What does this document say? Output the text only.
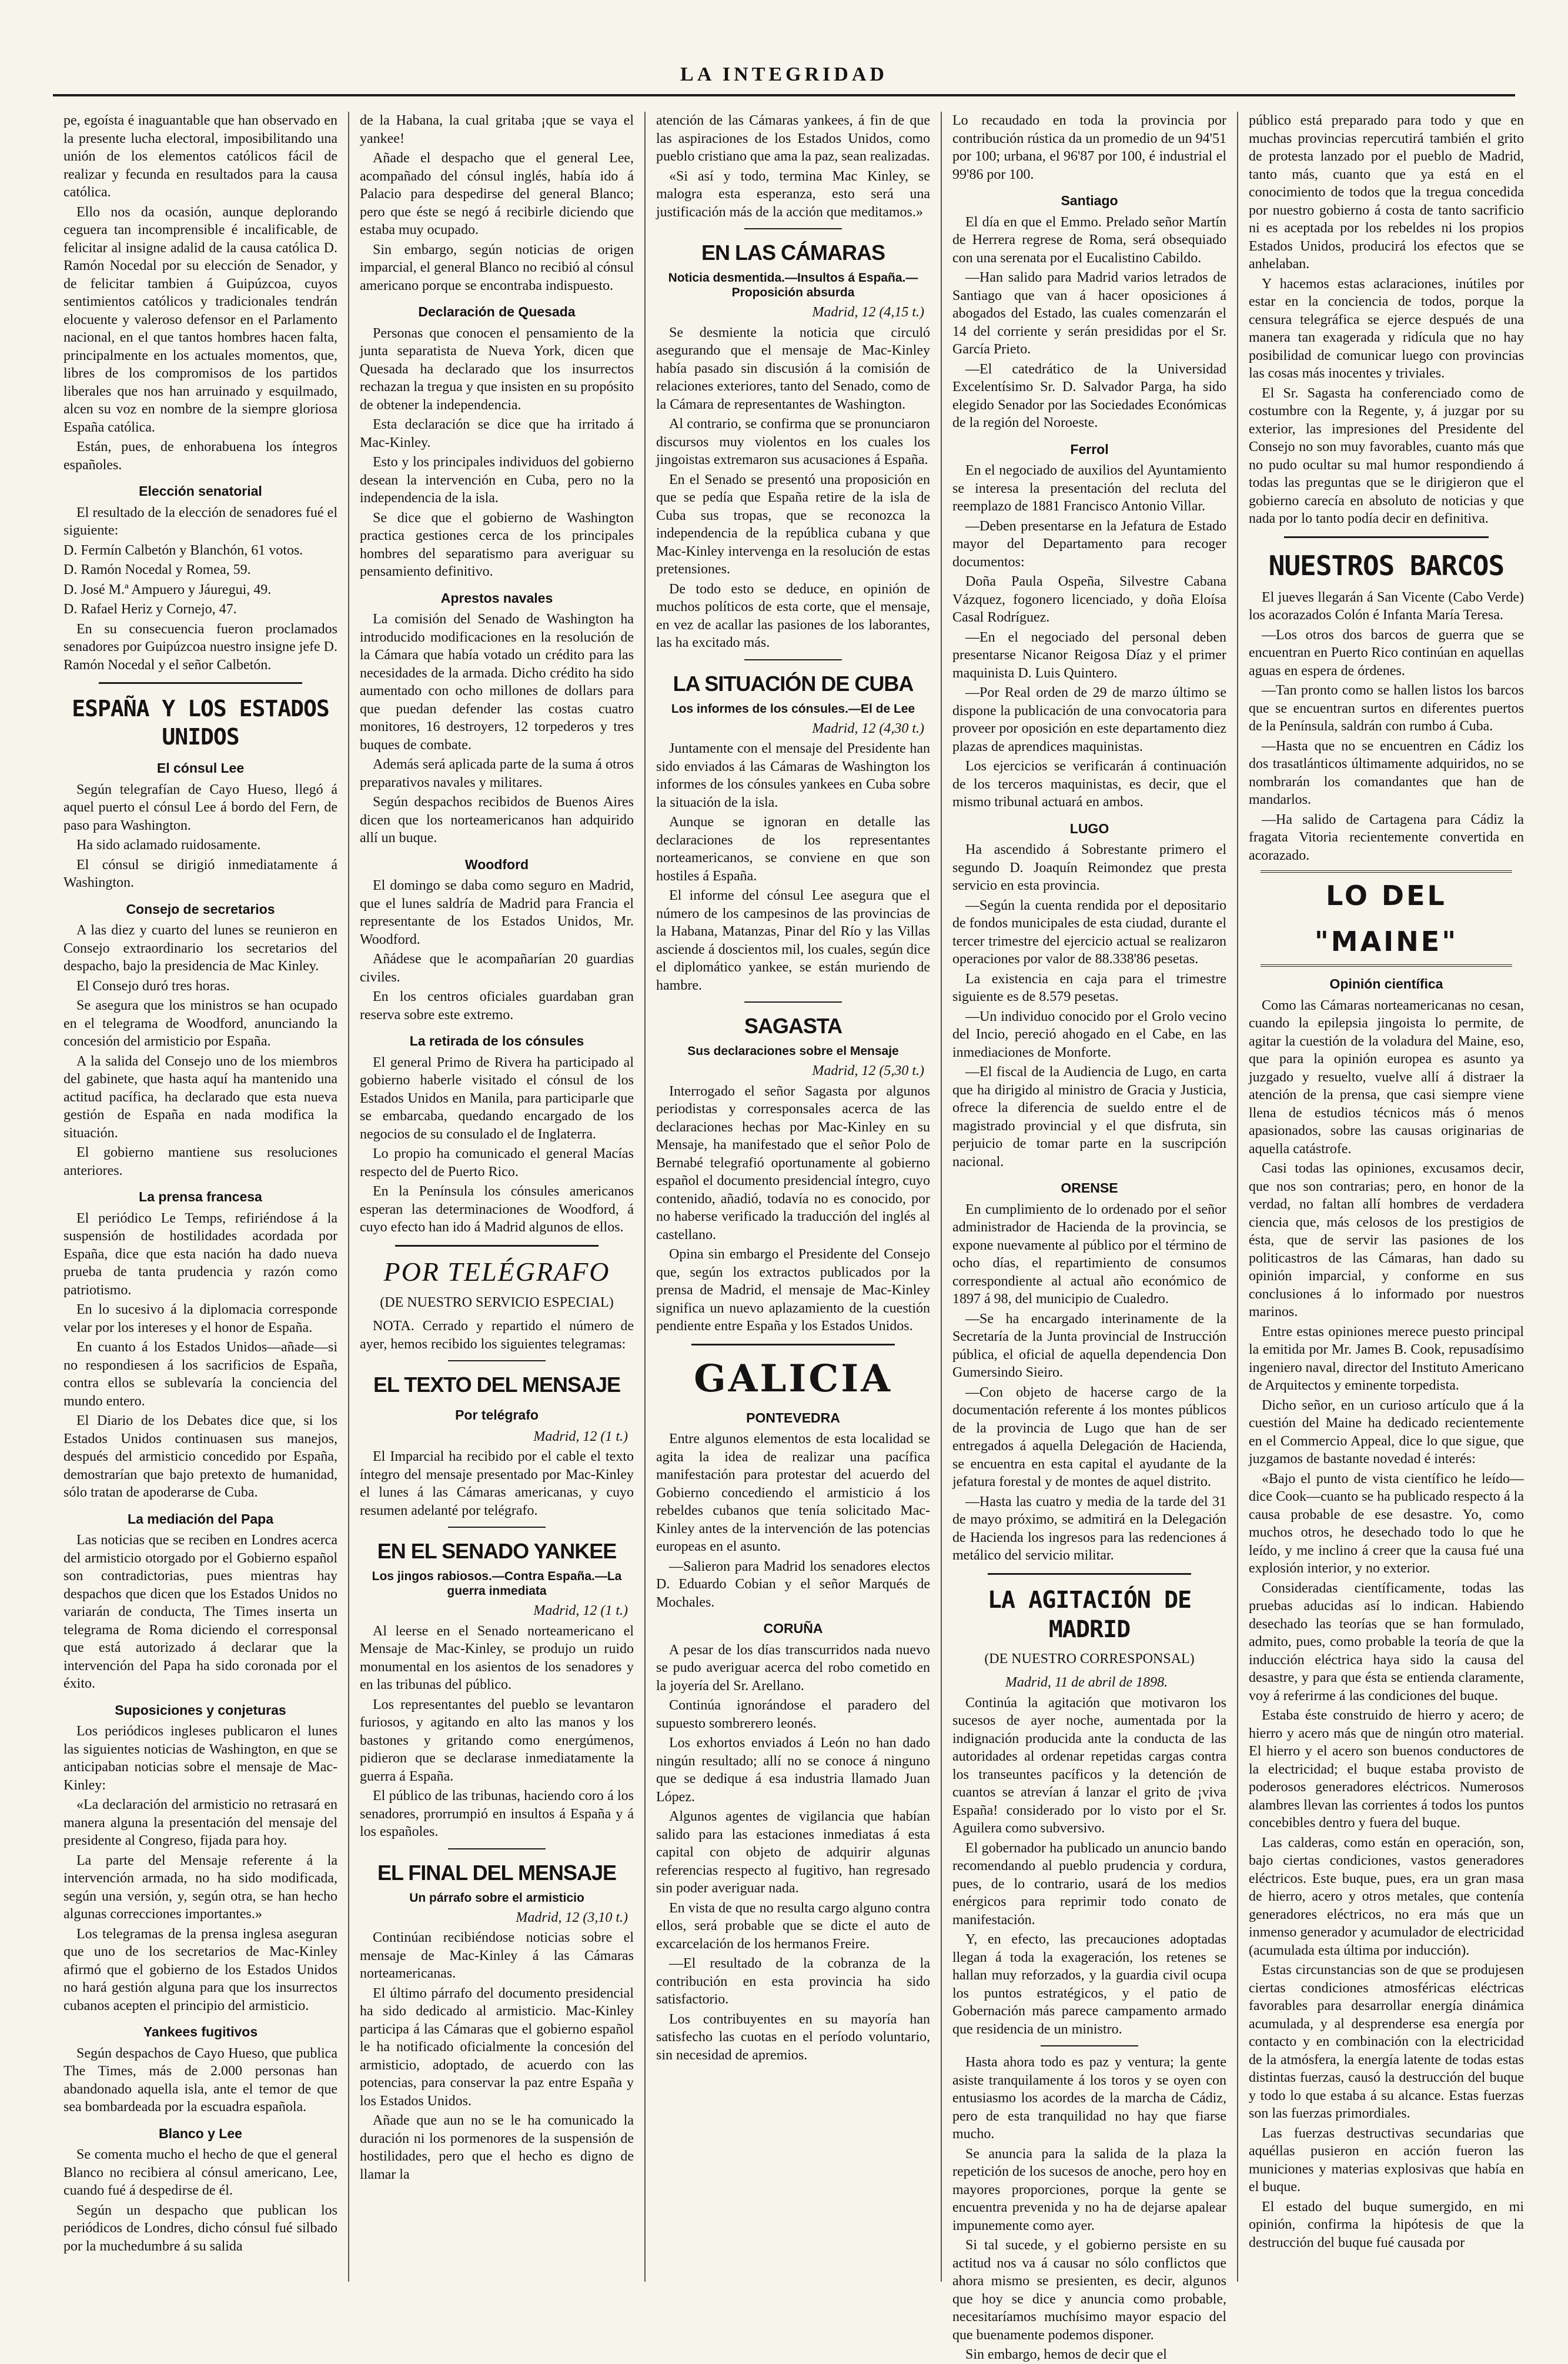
LA INTEGRIDAD

pe, egoísta é inaguantable que han observado en la presente lucha electoral, imposibilitando una unión de los elementos católicos fácil de realizar y fecunda en resultados para la causa católica.

Ello nos da ocasión, aunque deplorando ceguera tan incomprensible é incalificable, de felicitar al insigne adalid de la causa católica D. Ramón Nocedal por su elección de Senador, y de felicitar tambien á Guipúzcoa, cuyos sentimientos católicos y tradicionales tendrán elocuente y valeroso defensor en el Parlamento nacional, en el que tantos hombres hacen falta, principalmente en los actuales momentos, que, libres de los compromisos de los partidos liberales que nos han arruinado y esquilmado, alcen su voz en nombre de la siempre gloriosa España católica.

Están, pues, de enhorabuena los íntegros españoles.

Elección senatorial

El resultado de la elección de senadores fué el siguiente:

D. Fermín Calbetón y Blanchón, 61 votos.

D. Ramón Nocedal y Romea, 59.

D. José M.ª Ampuero y Jáuregui, 49.

D. Rafael Heriz y Cornejo, 47.

En su consecuencia fueron proclamados senadores por Guipúzcoa nuestro insigne jefe D. Ramón Nocedal y el señor Calbetón.

ESPAÑA Y LOS ESTADOS UNIDOS
El cónsul Lee

Según telegrafían de Cayo Hueso, llegó á aquel puerto el cónsul Lee á bordo del Fern, de paso para Washington.

Ha sido aclamado ruidosamente.

El cónsul se dirigió inmediatamente á Washington.

Consejo de secretarios

A las diez y cuarto del lunes se reunieron en Consejo extraordinario los secretarios del despacho, bajo la presidencia de Mac Kinley.

El Consejo duró tres horas.

Se asegura que los ministros se han ocupado en el telegrama de Woodford, anunciando la concesión del armisticio por España.

A la salida del Consejo uno de los miembros del gabinete, que hasta aquí ha mantenido una actitud pacífica, ha declarado que esta nueva gestión de España en nada modifica la situación.

El gobierno mantiene sus resoluciones anteriores.

La prensa francesa

El periódico Le Temps, refiriéndose á la suspensión de hostilidades acordada por España, dice que esta nación ha dado nueva prueba de tanta prudencia y razón como patriotismo.

En lo sucesivo á la diplomacia corresponde velar por los intereses y el honor de España.

En cuanto á los Estados Unidos—añade—si no respondiesen á los sacrificios de España, contra ellos se sublevaría la conciencia del mundo entero.

El Diario de los Debates dice que, si los Estados Unidos continuasen sus manejos, después del armisticio concedido por España, demostrarían que bajo pretexto de humanidad, sólo tratan de apoderarse de Cuba.

La mediación del Papa

Las noticias que se reciben en Londres acerca del armisticio otorgado por el Gobierno español son contradictorias, pues mientras hay despachos que dicen que los Estados Unidos no variarán de conducta, The Times inserta un telegrama de Roma diciendo el corresponsal que está autorizado á declarar que la intervención del Papa ha sido coronada por el éxito.

Suposiciones y conjeturas

Los periódicos ingleses publicaron el lunes las siguientes noticias de Washington, en que se anticipaban noticias sobre el mensaje de Mac-Kinley:

«La declaración del armisticio no retrasará en manera alguna la presentación del mensaje del presidente al Congreso, fijada para hoy.

La parte del Mensaje referente á la intervención armada, no ha sido modificada, según una versión, y, según otra, se han hecho algunas correcciones importantes.»

Los telegramas de la prensa inglesa aseguran que uno de los secretarios de Mac-Kinley afirmó que el gobierno de los Estados Unidos no hará gestión alguna para que los insurrectos cubanos acepten el principio del armisticio.

Yankees fugitivos

Según despachos de Cayo Hueso, que publica The Times, más de 2.000 personas han abandonado aquella isla, ante el temor de que sea bombardeada por la escuadra española.

Blanco y Lee

Se comenta mucho el hecho de que el general Blanco no recibiera al cónsul americano, Lee, cuando fué á despedirse de él.

Según un despacho que publican los periódicos de Londres, dicho cónsul fué silbado por la muchedumbre á su salida

de la Habana, la cual gritaba ¡que se vaya el yankee!

Añade el despacho que el general Lee, acompañado del cónsul inglés, había ido á Palacio para despedirse del general Blanco; pero que éste se negó á recibirle diciendo que estaba muy ocupado.

Sin embargo, según noticias de origen imparcial, el general Blanco no recibió al cónsul americano porque se encontraba indispuesto.

Declaración de Quesada

Personas que conocen el pensamiento de la junta separatista de Nueva York, dicen que Quesada ha declarado que los insurrectos rechazan la tregua y que insisten en su propósito de obtener la independencia.

Esta declaración se dice que ha irritado á Mac-Kinley.

Esto y los principales individuos del gobierno desean la intervención en Cuba, pero no la independencia de la isla.

Se dice que el gobierno de Washington practica gestiones cerca de los principales hombres del separatismo para averiguar su pensamiento definitivo.

Aprestos navales

La comisión del Senado de Washington ha introducido modificaciones en la resolución de la Cámara que había votado un crédito para las necesidades de la armada. Dicho crédito ha sido aumentado con ocho millones de dollars para que puedan defender las costas cuatro monitores, 16 destroyers, 12 torpederos y tres buques de combate.

Además será aplicada parte de la suma á otros preparativos navales y militares.

Según despachos recibidos de Buenos Aires dicen que los norteamericanos han adquirido allí un buque.

Woodford

El domingo se daba como seguro en Madrid, que el lunes saldría de Madrid para Francia el representante de los Estados Unidos, Mr. Woodford.

Añádese que le acompañarían 20 guardias civiles.

En los centros oficiales guardaban gran reserva sobre este extremo.

La retirada de los cónsules

El general Primo de Rivera ha participado al gobierno haberle visitado el cónsul de los Estados Unidos en Manila, para participarle que se embarcaba, quedando encargado de los negocios de su consulado el de Inglaterra.

Lo propio ha comunicado el general Macías respecto del de Puerto Rico.

En la Península los cónsules americanos esperan las determinaciones de Woodford, á cuyo efecto han ido á Madrid algunos de ellos.

POR TELÉGRAFO
(DE NUESTRO SERVICIO ESPECIAL)

NOTA. Cerrado y repartido el número de ayer, hemos recibido los siguientes telegramas:

EL TEXTO DEL MENSAJE
Por telégrafo
Madrid, 12 (1 t.)

El Imparcial ha recibido por el cable el texto íntegro del mensaje presentado por Mac-Kinley el lunes á las Cámaras americanas, y cuyo resumen adelanté por telégrafo.

EN EL SENADO YANKEE
Los jingos rabiosos.—Contra España.—La guerra inmediata
Madrid, 12 (1 t.)

Al leerse en el Senado norteamericano el Mensaje de Mac-Kinley, se produjo un ruido monumental en los asientos de los senadores y en las tribunas del público.

Los representantes del pueblo se levantaron furiosos, y agitando en alto las manos y los bastones y gritando como energúmenos, pidieron que se declarase inmediatamente la guerra á España.

El público de las tribunas, haciendo coro á los senadores, prorrumpió en insultos á España y á los españoles.

EL FINAL DEL MENSAJE
Un párrafo sobre el armisticio
Madrid, 12 (3,10 t.)

Continúan recibiéndose noticias sobre el mensaje de Mac-Kinley á las Cámaras norteamericanas.

El último párrafo del documento presidencial ha sido dedicado al armisticio. Mac-Kinley participa á las Cámaras que el gobierno español le ha notificado oficialmente la concesión del armisticio, adoptado, de acuerdo con las potencias, para conservar la paz entre España y los Estados Unidos.

Añade que aun no se le ha comunicado la duración ni los pormenores de la suspensión de hostilidades, pero que el hecho es digno de llamar la

atención de las Cámaras yankees, á fin de que las aspiraciones de los Estados Unidos, como pueblo cristiano que ama la paz, sean realizadas.

«Si así y todo, termina Mac Kinley, se malogra esta esperanza, esto será una justificación más de la acción que meditamos.»

EN LAS CÁMARAS
Noticia desmentida.—Insultos á España.—Proposición absurda
Madrid, 12 (4,15 t.)

Se desmiente la noticia que circuló asegurando que el mensaje de Mac-Kinley había pasado sin discusión á la comisión de relaciones exteriores, tanto del Senado, como de la Cámara de representantes de Washington.

Al contrario, se confirma que se pronunciaron discursos muy violentos en los cuales los jingoistas extremaron sus acusaciones á España.

En el Senado se presentó una proposición en que se pedía que España retire de la isla de Cuba sus tropas, que se reconozca la independencia de la república cubana y que Mac-Kinley intervenga en la resolución de estas pretensiones.

De todo esto se deduce, en opinión de muchos políticos de esta corte, que el mensaje, en vez de acallar las pasiones de los laborantes, las ha excitado más.

LA SITUACIÓN DE CUBA
Los informes de los cónsules.—El de Lee
Madrid, 12 (4,30 t.)

Juntamente con el mensaje del Presidente han sido enviados á las Cámaras de Washington los informes de los cónsules yankees en Cuba sobre la situación de la isla.

Aunque se ignoran en detalle las declaraciones de los representantes norteamericanos, se conviene en que son hostiles á España.

El informe del cónsul Lee asegura que el número de los campesinos de las provincias de la Habana, Matanzas, Pinar del Río y las Villas asciende á doscientos mil, los cuales, según dice el diplomático yankee, se están muriendo de hambre.

SAGASTA
Sus declaraciones sobre el Mensaje
Madrid, 12 (5,30 t.)

Interrogado el señor Sagasta por algunos periodistas y corresponsales acerca de las declaraciones hechas por Mac-Kinley en su Mensaje, ha manifestado que el señor Polo de Bernabé telegrafió oportunamente al gobierno español el documento presidencial íntegro, cuyo contenido, añadió, todavía no es conocido, por no haberse verificado la traducción del inglés al castellano.

Opina sin embargo el Presidente del Consejo que, según los extractos publicados por la prensa de Madrid, el mensaje de Mac-Kinley significa un nuevo aplazamiento de la cuestión pendiente entre España y los Estados Unidos.

GALICIA
PONTEVEDRA

Entre algunos elementos de esta localidad se agita la idea de realizar una pacífica manifestación para protestar del acuerdo del Gobierno concediendo el armisticio á los rebeldes cubanos que tenía solicitado Mac-Kinley antes de la intervención de las potencias europeas en el asunto.

—Salieron para Madrid los senadores electos D. Eduardo Cobian y el señor Marqués de Mochales.

CORUÑA

A pesar de los días transcurridos nada nuevo se pudo averiguar acerca del robo cometido en la joyería del Sr. Arellano.

Continúa ignorándose el paradero del supuesto sombrerero leonés.

Los exhortos enviados á León no han dado ningún resultado; allí no se conoce á ninguno que se dedique á esa industria llamado Juan López.

Algunos agentes de vigilancia que habían salido para las estaciones inmediatas á esta capital con objeto de adquirir algunas referencias respecto al fugitivo, han regresado sin poder averiguar nada.

En vista de que no resulta cargo alguno contra ellos, será probable que se dicte el auto de excarcelación de los hermanos Freire.

—El resultado de la cobranza de la contribución en esta provincia ha sido satisfactorio.

Los contribuyentes en su mayoría han satisfecho las cuotas en el período voluntario, sin necesidad de apremios.

Lo recaudado en toda la provincia por contribución rústica da un promedio de un 94'51 por 100; urbana, el 96'87 por 100, é industrial el 99'86 por 100.

Santiago

El día en que el Emmo. Prelado señor Martín de Herrera regrese de Roma, será obsequiado con una serenata por el Eucalistino Cabildo.

—Han salido para Madrid varios letrados de Santiago que van á hacer oposiciones á abogados del Estado, las cuales comenzarán el 14 del corriente y serán presididas por el Sr. García Prieto.

—El catedrático de la Universidad Excelentísimo Sr. D. Salvador Parga, ha sido elegido Senador por las Sociedades Económicas de la región del Noroeste.

Ferrol

En el negociado de auxilios del Ayuntamiento se interesa la presentación del recluta del reemplazo de 1881 Francisco Antonio Villar.

—Deben presentarse en la Jefatura de Estado mayor del Departamento para recoger documentos:

Doña Paula Ospeña, Silvestre Cabana Vázquez, fogonero licenciado, y doña Eloísa Casal Rodríguez.

—En el negociado del personal deben presentarse Nicanor Reigosa Díaz y el primer maquinista D. Luis Quintero.

—Por Real orden de 29 de marzo último se dispone la publicación de una convocatoria para proveer por oposición en este departamento diez plazas de aprendices maquinistas.

Los ejercicios se verificarán á continuación de los terceros maquinistas, es decir, que el mismo tribunal actuará en ambos.

LUGO

Ha ascendido á Sobrestante primero el segundo D. Joaquín Reimondez que presta servicio en esta provincia.

—Según la cuenta rendida por el depositario de fondos municipales de esta ciudad, durante el tercer trimestre del ejercicio actual se realizaron operaciones por valor de 88.338'86 pesetas.

La existencia en caja para el trimestre siguiente es de 8.579 pesetas.

—Un individuo conocido por el Grolo vecino del Incio, pereció ahogado en el Cabe, en las inmediaciones de Monforte.

—El fiscal de la Audiencia de Lugo, en carta que ha dirigido al ministro de Gracia y Justicia, ofrece la diferencia de sueldo entre el de magistrado provincial y el que disfruta, sin perjuicio de tomar parte en la suscripción nacional.

ORENSE

En cumplimiento de lo ordenado por el señor administrador de Hacienda de la provincia, se expone nuevamente al público por el término de ocho días, el repartimiento de consumos correspondiente al actual año económico de 1897 á 98, del municipio de Cualedro.

—Se ha encargado interinamente de la Secretaría de la Junta provincial de Instrucción pública, el oficial de aquella dependencia Don Gumersindo Sieiro.

—Con objeto de hacerse cargo de la documentación referente á los montes públicos de la provincia de Lugo que han de ser entregados á aquella Delegación de Hacienda, se encuentra en esta capital el ayudante de la jefatura forestal y de montes de aquel distrito.

—Hasta las cuatro y media de la tarde del 31 de mayo próximo, se admitirá en la Delegación de Hacienda los ingresos para las redenciones á metálico del servicio militar.

LA AGITACIÓN DE MADRID
(DE NUESTRO CORRESPONSAL)
Madrid, 11 de abril de 1898.

Continúa la agitación que motivaron los sucesos de ayer noche, aumentada por la indignación producida ante la conducta de las autoridades al ordenar repetidas cargas contra los transeuntes pacíficos y la detención de cuantos se atrevían á lanzar el grito de ¡viva España! considerado por lo visto por el Sr. Aguilera como subversivo.

El gobernador ha publicado un anuncio bando recomendando al pueblo prudencia y cordura, pues, de lo contrario, usará de los medios enérgicos para reprimir todo conato de manifestación.

Y, en efecto, las precauciones adoptadas llegan á toda la exageración, los retenes se hallan muy reforzados, y la guardia civil ocupa los puntos estratégicos, y el patio de Gobernación más parece campamento armado que residencia de un ministro.

Hasta ahora todo es paz y ventura; la gente asiste tranquilamente á los toros y se oyen con entusiasmo los acordes de la marcha de Cádiz, pero de esta tranquilidad no hay que fiarse mucho.

Se anuncia para la salida de la plaza la repetición de los sucesos de anoche, pero hoy en mayores proporciones, porque la gente se encuentra prevenida y no ha de dejarse apalear impunemente como ayer.

Si tal sucede, y el gobierno persiste en su actitud nos va á causar no sólo conflictos que ahora mismo se presienten, es decir, algunos que hoy se dice y anuncia como probable, necesitaríamos muchísimo mayor espacio del que buenamente podemos disponer.

Sin embargo, hemos de decir que el

público está preparado para todo y que en muchas provincias repercutirá también el grito de protesta lanzado por el pueblo de Madrid, tanto más, cuanto que ya está en el conocimiento de todos que la tregua concedida por nuestro gobierno á costa de tanto sacrificio ni es aceptada por los rebeldes ni los propios Estados Unidos, producirá los efectos que se anhelaban.

Y hacemos estas aclaraciones, inútiles por estar en la conciencia de todos, porque la censura telegráfica se ejerce después de una manera tan exagerada y ridícula que no hay posibilidad de comunicar luego con provincias las cosas más inocentes y triviales.

El Sr. Sagasta ha conferenciado como de costumbre con la Regente, y, á juzgar por su exterior, las impresiones del Presidente del Consejo no son muy favorables, cuanto más que no pudo ocultar su mal humor respondiendo á todas las preguntas que se le dirigieron que el gobierno carecía en absoluto de noticias y que nada por lo tanto podía decir en definitiva.

NUESTROS BARCOS

El jueves llegarán á San Vicente (Cabo Verde) los acorazados Colón é Infanta María Teresa.

—Los otros dos barcos de guerra que se encuentran en Puerto Rico continúan en aquellas aguas en espera de órdenes.

—Tan pronto como se hallen listos los barcos que se encuentran surtos en diferentes puertos de la Península, saldrán con rumbo á Cuba.

—Hasta que no se encuentren en Cádiz los dos trasatlánticos últimamente adquiridos, no se nombrarán los comandantes que han de mandarlos.

—Ha salido de Cartagena para Cádiz la fragata Vitoria recientemente convertida en acorazado.

LO DEL "MAINE"
Opinión científica

Como las Cámaras norteamericanas no cesan, cuando la epilepsia jingoista lo permite, de agitar la cuestión de la voladura del Maine, eso, que para la opinión europea es asunto ya juzgado y resuelto, vuelve allí á distraer la atención de la prensa, que casi siempre viene llena de estudios técnicos más ó menos apasionados, sobre las causas originarias de aquella catástrofe.

Casi todas las opiniones, excusamos decir, que nos son contrarias; pero, en honor de la verdad, no faltan allí hombres de verdadera ciencia que, más celosos de los prestigios de ésta, que de servir las pasiones de los politicastros de las Cámaras, han dado su opinión imparcial, y conforme en sus conclusiones á lo informado por nuestros marinos.

Entre estas opiniones merece puesto principal la emitida por Mr. James B. Cook, repusadísimo ingeniero naval, director del Instituto Americano de Arquitectos y eminente torpedista.

Dicho señor, en un curioso artículo que á la cuestión del Maine ha dedicado recientemente en el Commercio Appeal, dice lo que sigue, que juzgamos de bastante novedad é interés:

«Bajo el punto de vista científico he leído—dice Cook—cuanto se ha publicado respecto á la causa probable de ese desastre. Yo, como muchos otros, he desechado todo lo que he leído, y me inclino á creer que la causa fué una explosión interior, y no exterior.

Consideradas científicamente, todas las pruebas aducidas así lo indican. Habiendo desechado las teorías que se han formulado, admito, pues, como probable la teoría de que la inducción eléctrica haya sido la causa del desastre, y para que ésta se entienda claramente, voy á referirme á las condiciones del buque.

Estaba éste construido de hierro y acero; de hierro y acero más que de ningún otro material. El hierro y el acero son buenos conductores de la electricidad; el buque estaba provisto de poderosos generadores eléctricos. Numerosos alambres llevan las corrientes á todos los puntos concebibles dentro y fuera del buque.

Las calderas, como están en operación, son, bajo ciertas condiciones, vastos generadores eléctricos. Este buque, pues, era un gran masa de hierro, acero y otros metales, que contenía generadores eléctricos, no era más que un inmenso generador y acumulador de electricidad (acumulada esta última por inducción).

Estas circunstancias son de que se produjesen ciertas condiciones atmosféricas eléctricas favorables para desarrollar energía dinámica acumulada, y al desprenderse esa energía por contacto y en combinación con la electricidad de la atmósfera, la energía latente de todas estas distintas fuerzas, causó la destrucción del buque y todo lo que estaba á su alcance. Estas fuerzas son las fuerzas primordiales.

Las fuerzas destructivas secundarias que aquéllas pusieron en acción fueron las municiones y materias explosivas que había en el buque.

El estado del buque sumergido, en mi opinión, confirma la hipótesis de que la destrucción del buque fué causada por
